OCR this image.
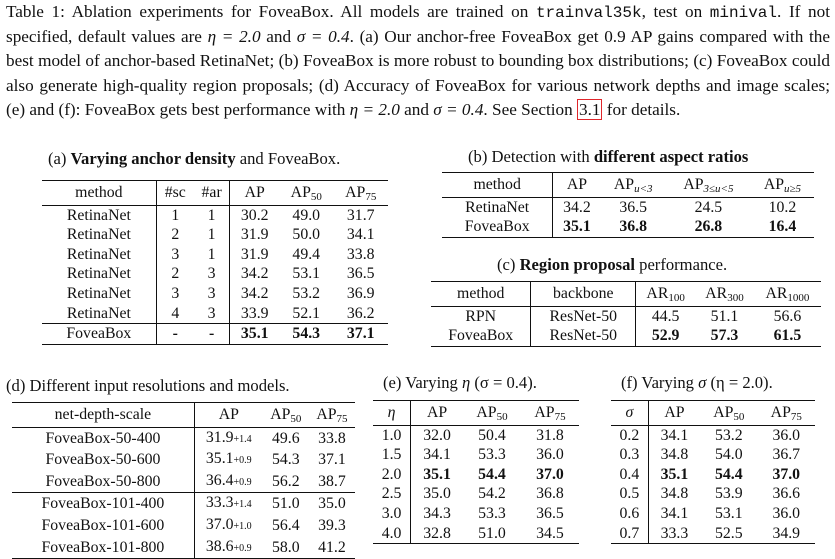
Table 1: Ablation experiments for FoveaBox. All models are trained on trainval35k, test on minival. If not specified, default values are η = 2.0 and σ = 0.4. (a) Our anchor-free FoveaBox get 0.9 AP gains compared with the best model of anchor-based RetinaNet; (b) FoveaBox is more robust to bounding box distributions; (c) FoveaBox could also generate high-quality region proposals; (d) Accuracy of FoveaBox for various network depths and image scales; (e) and (f): FoveaBox gets best performance with η = 2.0 and σ = 0.4. See Section 3.1 for details.
(a) Varying anchor density and FoveaBox.
method	#sc	#ar	AP	$AP_{50}$	$AP_{75}$
RetinaNet	1	1	30.2	49.0	31.7
RetinaNet	2	1	31.9	50.0	34.1
RetinaNet	3	1	31.9	49.4	33.8
RetinaNet	2	3	34.2	53.1	36.5
RetinaNet	3	3	34.2	53.2	36.9
RetinaNet	4	3	33.9	52.1	36.2
FoveaBox	-	-	35.1	54.3	37.1
(b) Detection with different aspect ratios
method	AP	$AP_{u<3}$	$AP_{3\le u<5}$	$AP_{u\ge 5}$
RetinaNet	34.2	36.5	24.5	10.2
FoveaBox	35.1	36.8	26.8	16.4
(c) Region proposal performance.
method	backbone	$AR_{100}$	$AR_{300}$	$AR_{1000}$
RPN	ResNet-50	44.5	51.1	56.6
FoveaBox	ResNet-50	52.9	57.3	61.5
(d) Different input resolutions and models.
net-depth-scale	AP	$AP_{50}$	$AP_{75}$
FoveaBox-50-400	31.9+1.4	49.6	33.8
FoveaBox-50-600	35.1+0.9	54.3	37.1
FoveaBox-50-800	36.4+0.9	56.2	38.7
FoveaBox-101-400	33.3+1.4	51.0	35.0
FoveaBox-101-600	37.0+1.0	56.4	39.3
FoveaBox-101-800	38.6+0.9	58.0	41.2
(e) Varying η (σ = 0.4).
η	AP	$AP_{50}$	$AP_{75}$
1.0	32.0	50.4	31.8
1.5	34.1	53.3	36.0
2.0	35.1	54.4	37.0
2.5	35.0	54.2	36.8
3.0	34.3	53.3	36.5
4.0	32.8	51.0	34.5
(f) Varying σ (η = 2.0).
σ	AP	$AP_{50}$	$AP_{75}$
0.2	34.1	53.2	36.0
0.3	34.8	54.0	36.7
0.4	35.1	54.4	37.0
0.5	34.8	53.9	36.6
0.6	34.1	53.1	36.0
0.7	33.3	52.5	34.9
